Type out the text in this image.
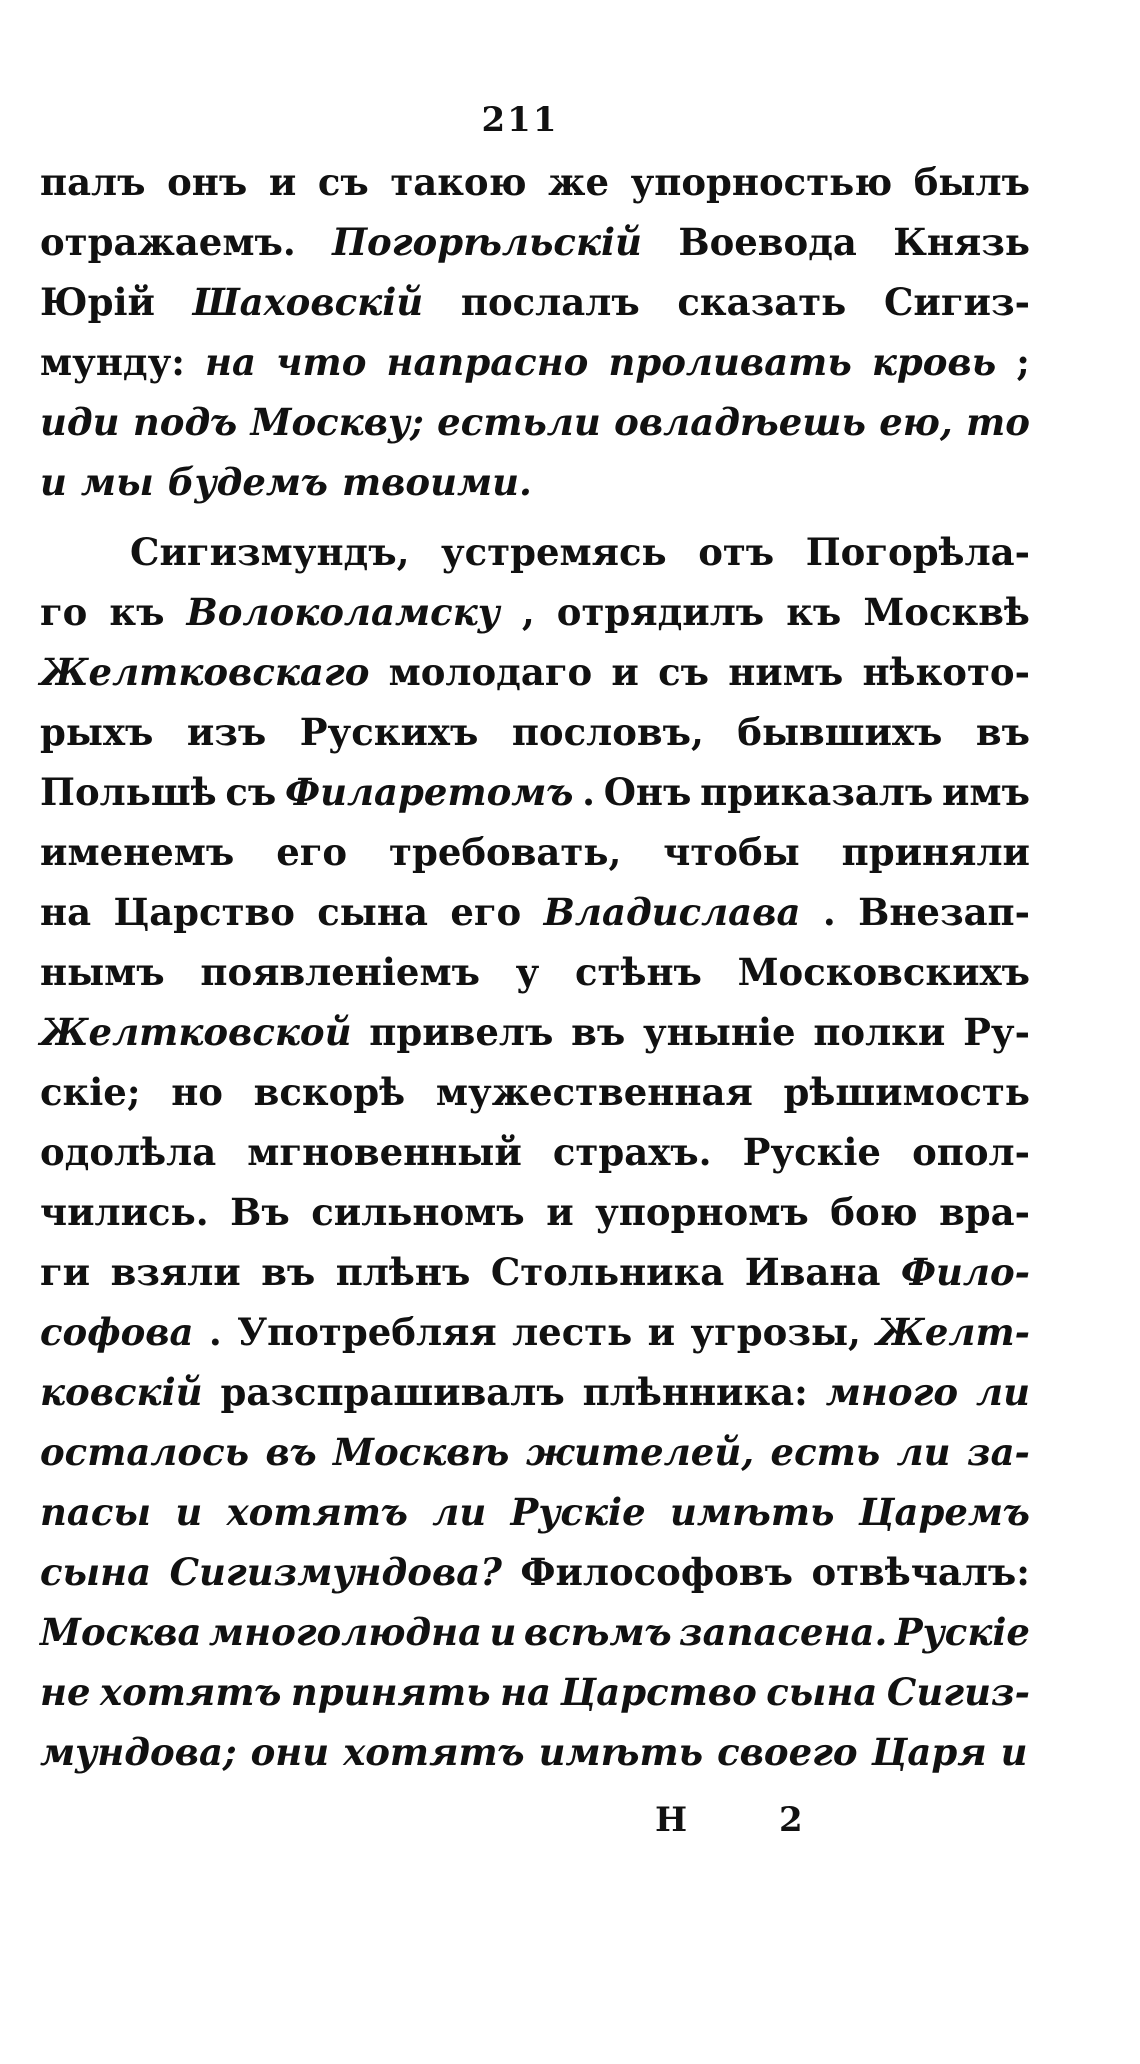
211
палъ онъ и съ такою же упорностью былъ
отражаемъ. Погорѣльскій Воевода Князь
Юрій Шаховскій послалъ сказать Сигиз-
мунду: на что напрасно проливать кровь ;
иди подъ Москву; естьли овладѣешь ею, то
и мы будемъ твоими.
Сигизмундъ, устремясь отъ Погорѣла-
го къ Волоколамску , отрядилъ къ Москвѣ
Желтковскаго молодаго и съ нимъ нѣкото-
рыхъ изъ Рускихъ пословъ, бывшихъ въ
Польшѣ съ Филаретомъ . Онъ приказалъ имъ
именемъ его требовать, чтобы приняли
на Царство сына его Владислава . Внезап-
нымъ появленіемъ у стѣнъ Московскихъ
Желтковской привелъ въ уныніе полки Ру-
скіе; но вскорѣ мужественная рѣшимость
одолѣла мгновенный страхъ. Рускіе опол-
чились. Въ сильномъ и упорномъ бою вра-
ги взяли въ плѣнъ Стольника Ивана Фило-
софова . Употребляя лесть и угрозы, Желт-
ковскій разспрашивалъ плѣнника: много ли
осталось въ Москвѣ жителей, есть ли за-
пасы и хотятъ ли Рускіе имѣть Царемъ
сына Сигизмундова? Философовъ отвѣчалъ:
Москва многолюдна и всѣмъ запасена. Рускіе
не хотятъ принять на Царство сына Сигиз-
мундова; они хотятъ имѣть своего Царя и
Н 2
